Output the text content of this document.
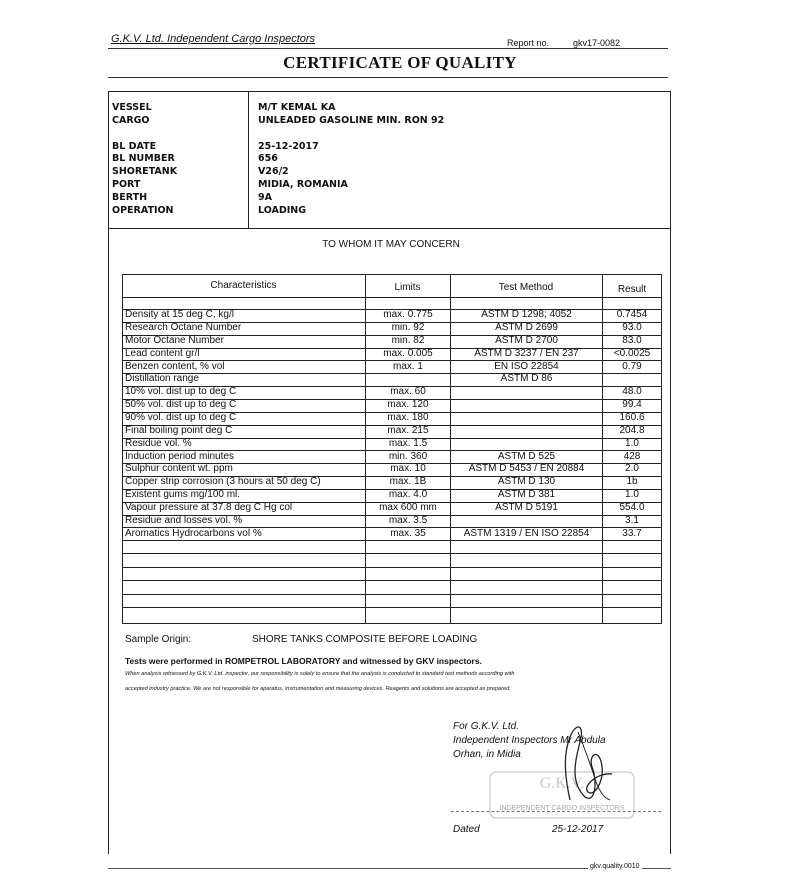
G.K.V. Ltd. Independent Cargo Inspectors	Report no.	gkv17-0082
CERTIFICATE OF QUALITY
VESSEL	M/T KEMAL KA
CARGO	UNLEADED GASOLINE MIN. RON 92
BL DATE	25-12-2017
BL NUMBER	656
SHORETANK	V26/2
PORT	MIDIA, ROMANIA
BERTH	9A
OPERATION	LOADING
TO WHOM IT MAY CONCERN
Characteristics	Limits	Test Method	Result
Density at 15 deg C, kg/l	max. 0.775	ASTM D 1298; 4052	0.7454
Research Octane Number	min. 92	ASTM D 2699	93.0
Motor Octane Number	min. 82	ASTM D 2700	83.0
Lead content gr/l	max. 0.005	ASTM D 3237 / EN 237	<0.0025
Benzen content, % vol	max. 1	EN ISO 22854	0.79
Distillation range	ASTM D 86
10% vol. dist up to deg C	max. 60	48.0
50% vol. dist up to deg C	max. 120	99.4
90% vol. dist up to deg C	max. 180	160.6
Final boiling point deg C	max. 215	204.8
Residue vol. %	max. 1.5	1.0
Induction period minutes	min. 360	ASTM D 525	428
Sulphur content wt. ppm	max. 10	ASTM D 5453 / EN 20884	2.0
Copper strip corrosion (3 hours at 50 deg C)	max. 1B	ASTM D 130	1b
Existent gums mg/100 ml.	max. 4.0	ASTM D 381	1.0
Vapour pressure at 37.8 deg C Hg col	max 600 mm	ASTM D 5191	554.0
Residue and losses vol. %	max. 3.5	3.1
Aromatics Hydrocarbons vol %	max. 35	ASTM 1319 / EN ISO 22854	33.7
Sample Origin:	SHORE TANKS COMPOSITE BEFORE LOADING
Tests were performed in ROMPETROL LABORATORY and witnessed by GKV inspectors.
When analysis witnessed by G.K.V. Ltd. inspector, our responsibility is solely to ensure that the analysis is conducted to standard test methods according with
accepted industry practice. We are not responsible for aparatus, instrumentation and measuring devices. Reagents and solutions are accepted as prepared.
For G.K.V. Ltd.
Independent Inspectors Mr Abdula
Orhan, in Midia
G.K.V.
INDEPENDENT CARGO INSPECTORS
Dated	25-12-2017
gkv.quality.0010
